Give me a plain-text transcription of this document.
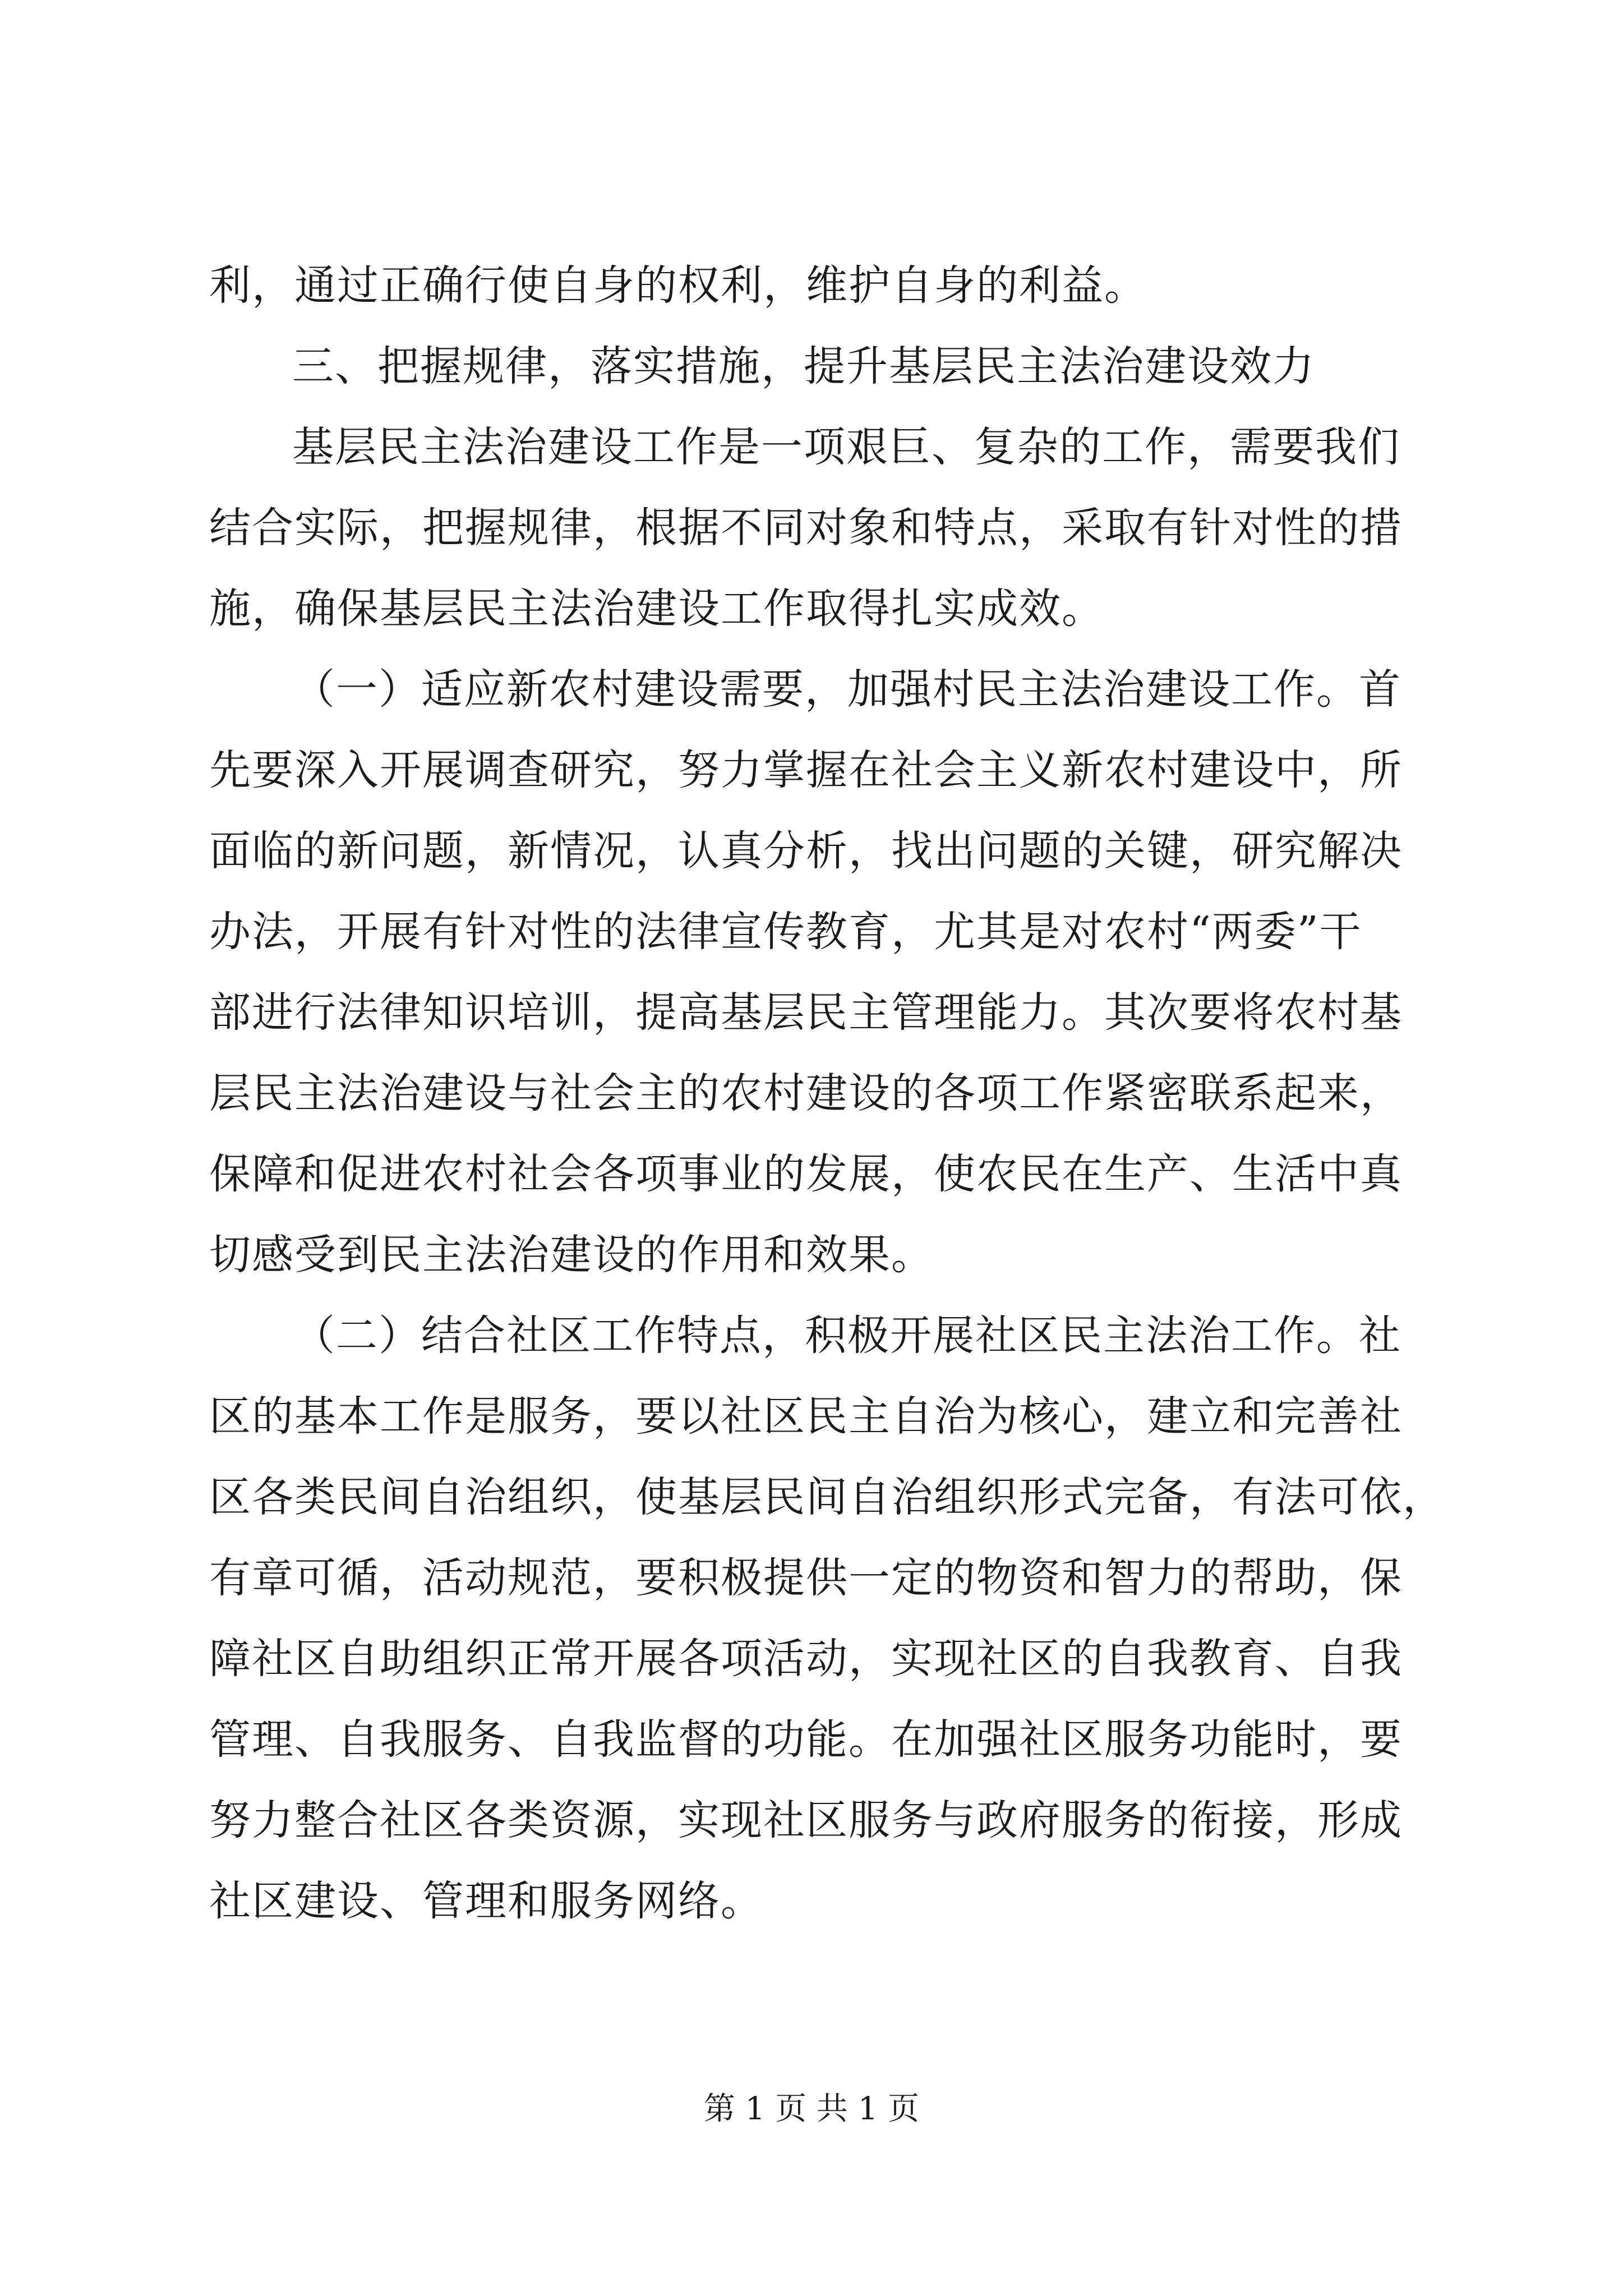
利，通过正确行使自身的权利，维护自身的利益。
三、把握规律，落实措施，提升基层民主法治建设效力
基层民主法治建设工作是一项艰巨、复杂的工作，需要我们
结合实际，把握规律，根据不同对象和特点，采取有针对性的措
施，确保基层民主法治建设工作取得扎实成效。
（一）适应新农村建设需要，加强村民主法治建设工作。首
先要深入开展调查研究，努力掌握在社会主义新农村建设中，所
面临的新问题，新情况，认真分析，找出问题的关键，研究解决
办法，开展有针对性的法律宣传教育，尤其是对农村“两委”干
部进行法律知识培训，提高基层民主管理能力。其次要将农村基
层民主法治建设与社会主的农村建设的各项工作紧密联系起来，
保障和促进农村社会各项事业的发展，使农民在生产、生活中真
切感受到民主法治建设的作用和效果。
（二）结合社区工作特点，积极开展社区民主法治工作。社
区的基本工作是服务，要以社区民主自治为核心，建立和完善社
区各类民间自治组织，使基层民间自治组织形式完备，有法可依，
有章可循，活动规范，要积极提供一定的物资和智力的帮助，保
障社区自助组织正常开展各项活动，实现社区的自我教育、自我
管理、自我服务、自我监督的功能。在加强社区服务功能时，要
努力整合社区各类资源，实现社区服务与政府服务的衔接，形成
社区建设、管理和服务网络。
第 1 页 共 1 页
